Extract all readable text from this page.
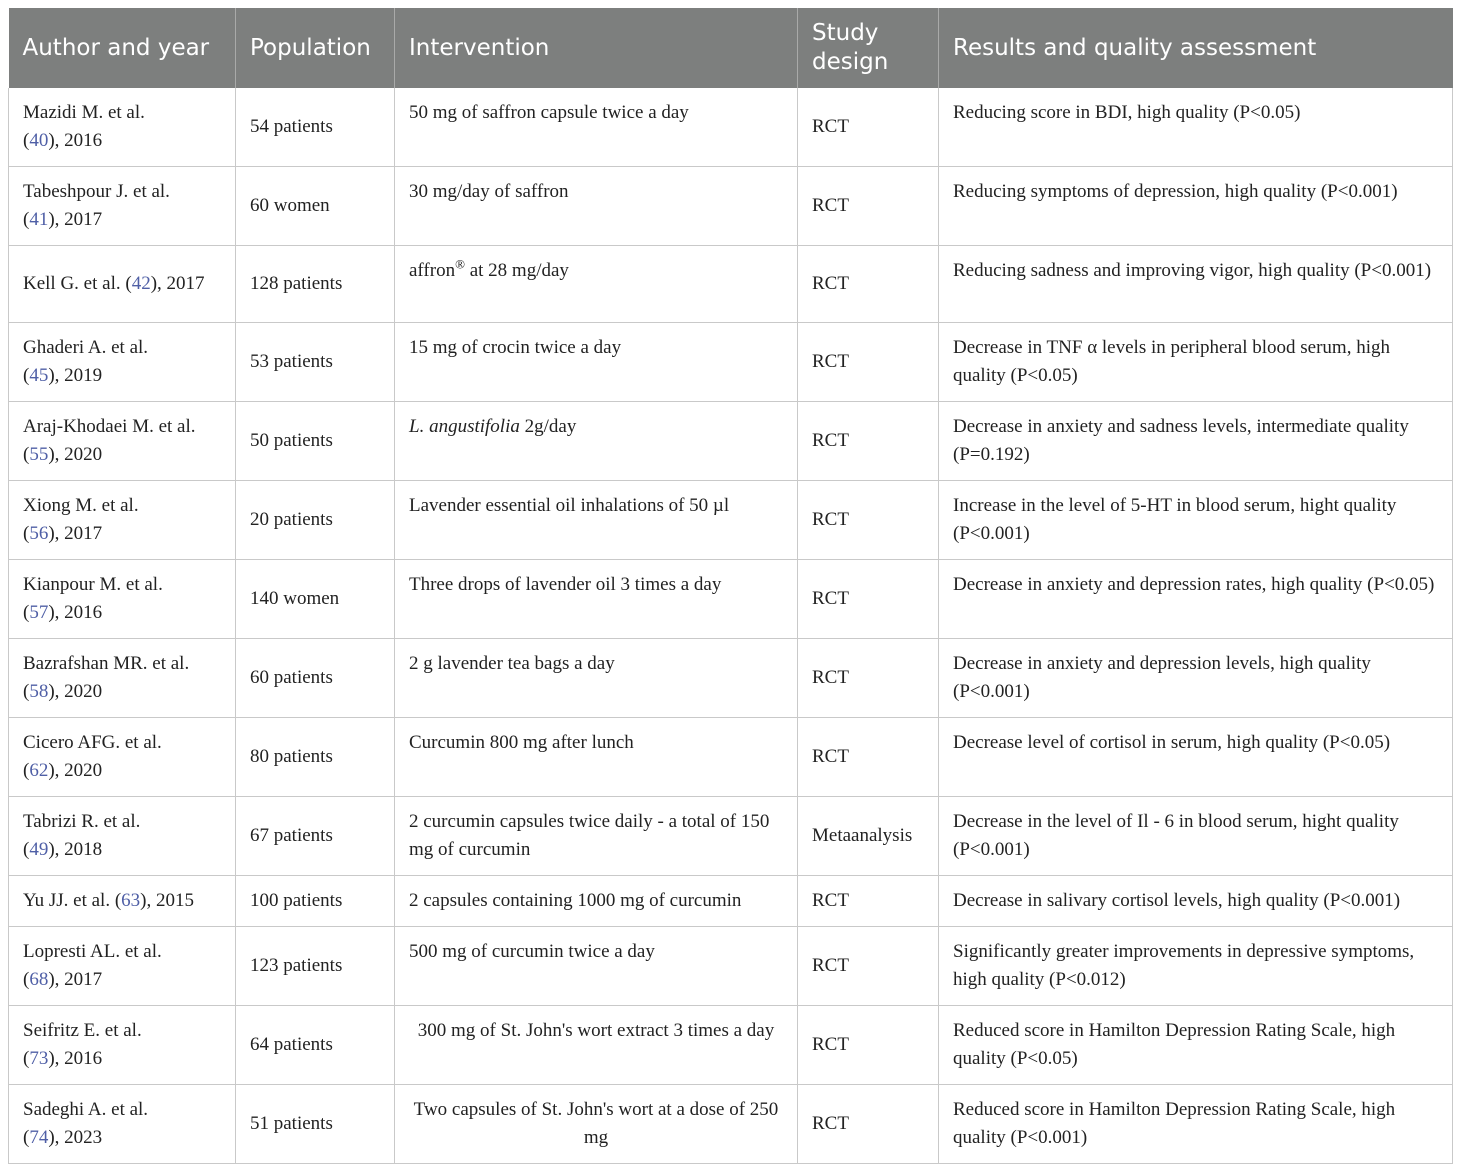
Author and year	Population	Intervention	Study design	Results and quality assessment
Mazidi M. et al.
(40), 2016	54 patients	50 mg of saffron capsule twice a day	RCT	Reducing score in BDI, high quality (P<0.05)
Tabeshpour J. et al.
(41), 2017	60 women	30 mg/day of saffron	RCT	Reducing symptoms of depression, high quality (P<0.001)
Kell G. et al. (42), 2017	128 patients	affron® at 28 mg/day	RCT	Reducing sadness and improving vigor, high quality (P<0.001)
Ghaderi A. et al.
(45), 2019	53 patients	15 mg of crocin twice a day	RCT	Decrease in TNF α levels in peripheral blood serum, high quality (P<0.05)
Araj-Khodaei M. et al.
(55), 2020	50 patients	L. angustifolia 2g/day	RCT	Decrease in anxiety and sadness levels, intermediate quality (P=0.192)
Xiong M. et al.
(56), 2017	20 patients	Lavender essential oil inhalations of 50 µl	RCT	Increase in the level of 5-HT in blood serum, hight quality (P<0.001)
Kianpour M. et al.
(57), 2016	140 women	Three drops of lavender oil 3 times a day	RCT	Decrease in anxiety and depression rates, high quality (P<0.05)
Bazrafshan MR. et al.
(58), 2020	60 patients	2 g lavender tea bags a day	RCT	Decrease in anxiety and depression levels, high quality (P<0.001)
Cicero AFG. et al.
(62), 2020	80 patients	Curcumin 800 mg after lunch	RCT	Decrease level of cortisol in serum, high quality (P<0.05)
Tabrizi R. et al.
(49), 2018	67 patients	2 curcumin capsules twice daily - a total of 150 mg of curcumin	Metaanalysis	Decrease in the level of Il - 6 in blood serum, hight quality (P<0.001)
Yu JJ. et al. (63), 2015	100 patients	2 capsules containing 1000 mg of curcumin	RCT	Decrease in salivary cortisol levels, high quality (P<0.001)
Lopresti AL. et al.
(68), 2017	123 patients	500 mg of curcumin twice a day	RCT	Significantly greater improvements in depressive symptoms, high quality (P<0.012)
Seifritz E. et al.
(73), 2016	64 patients	300 mg of St. John's wort extract 3 times a day	RCT	Reduced score in Hamilton Depression Rating Scale, high quality (P<0.05)
Sadeghi A. et al.
(74), 2023	51 patients	Two capsules of St. John's wort at a dose of 250 mg	RCT	Reduced score in Hamilton Depression Rating Scale, high quality (P<0.001)
